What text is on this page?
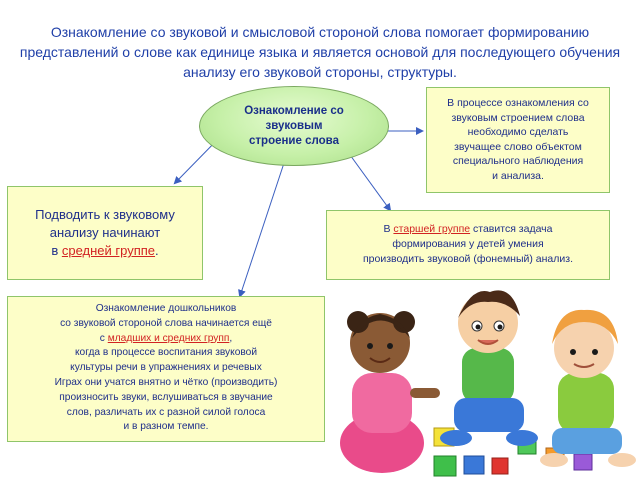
Ознакомление со звуковой и смысловой стороной слова помогает формированию представлений о слове как единице языка и является основой для последующего обучения анализу его звуковой стороны, структуры.
Ознакомление со звуковым строение слова
В процессе ознакомления со
звуковым строением слова
необходимо сделать
звучащее слово объектом
специального наблюдения
и анализа.
Подводить к звуковому
анализу начинают
в средней группе.
В старшей группе ставится задача
формирования у детей умения
производить звуковой (фонемный) анализ.
Ознакомление дошкольников
со звуковой стороной слова начинается ещё
с младших и средних групп,
когда в процессе воспитания звуковой
культуры речи в упражнениях и речевых
Играх они учатся внятно и чётко (производить)
произносить звуки, вслушиваться в звучание
слов, различать их с разной силой голоса
и в разном темпе.
